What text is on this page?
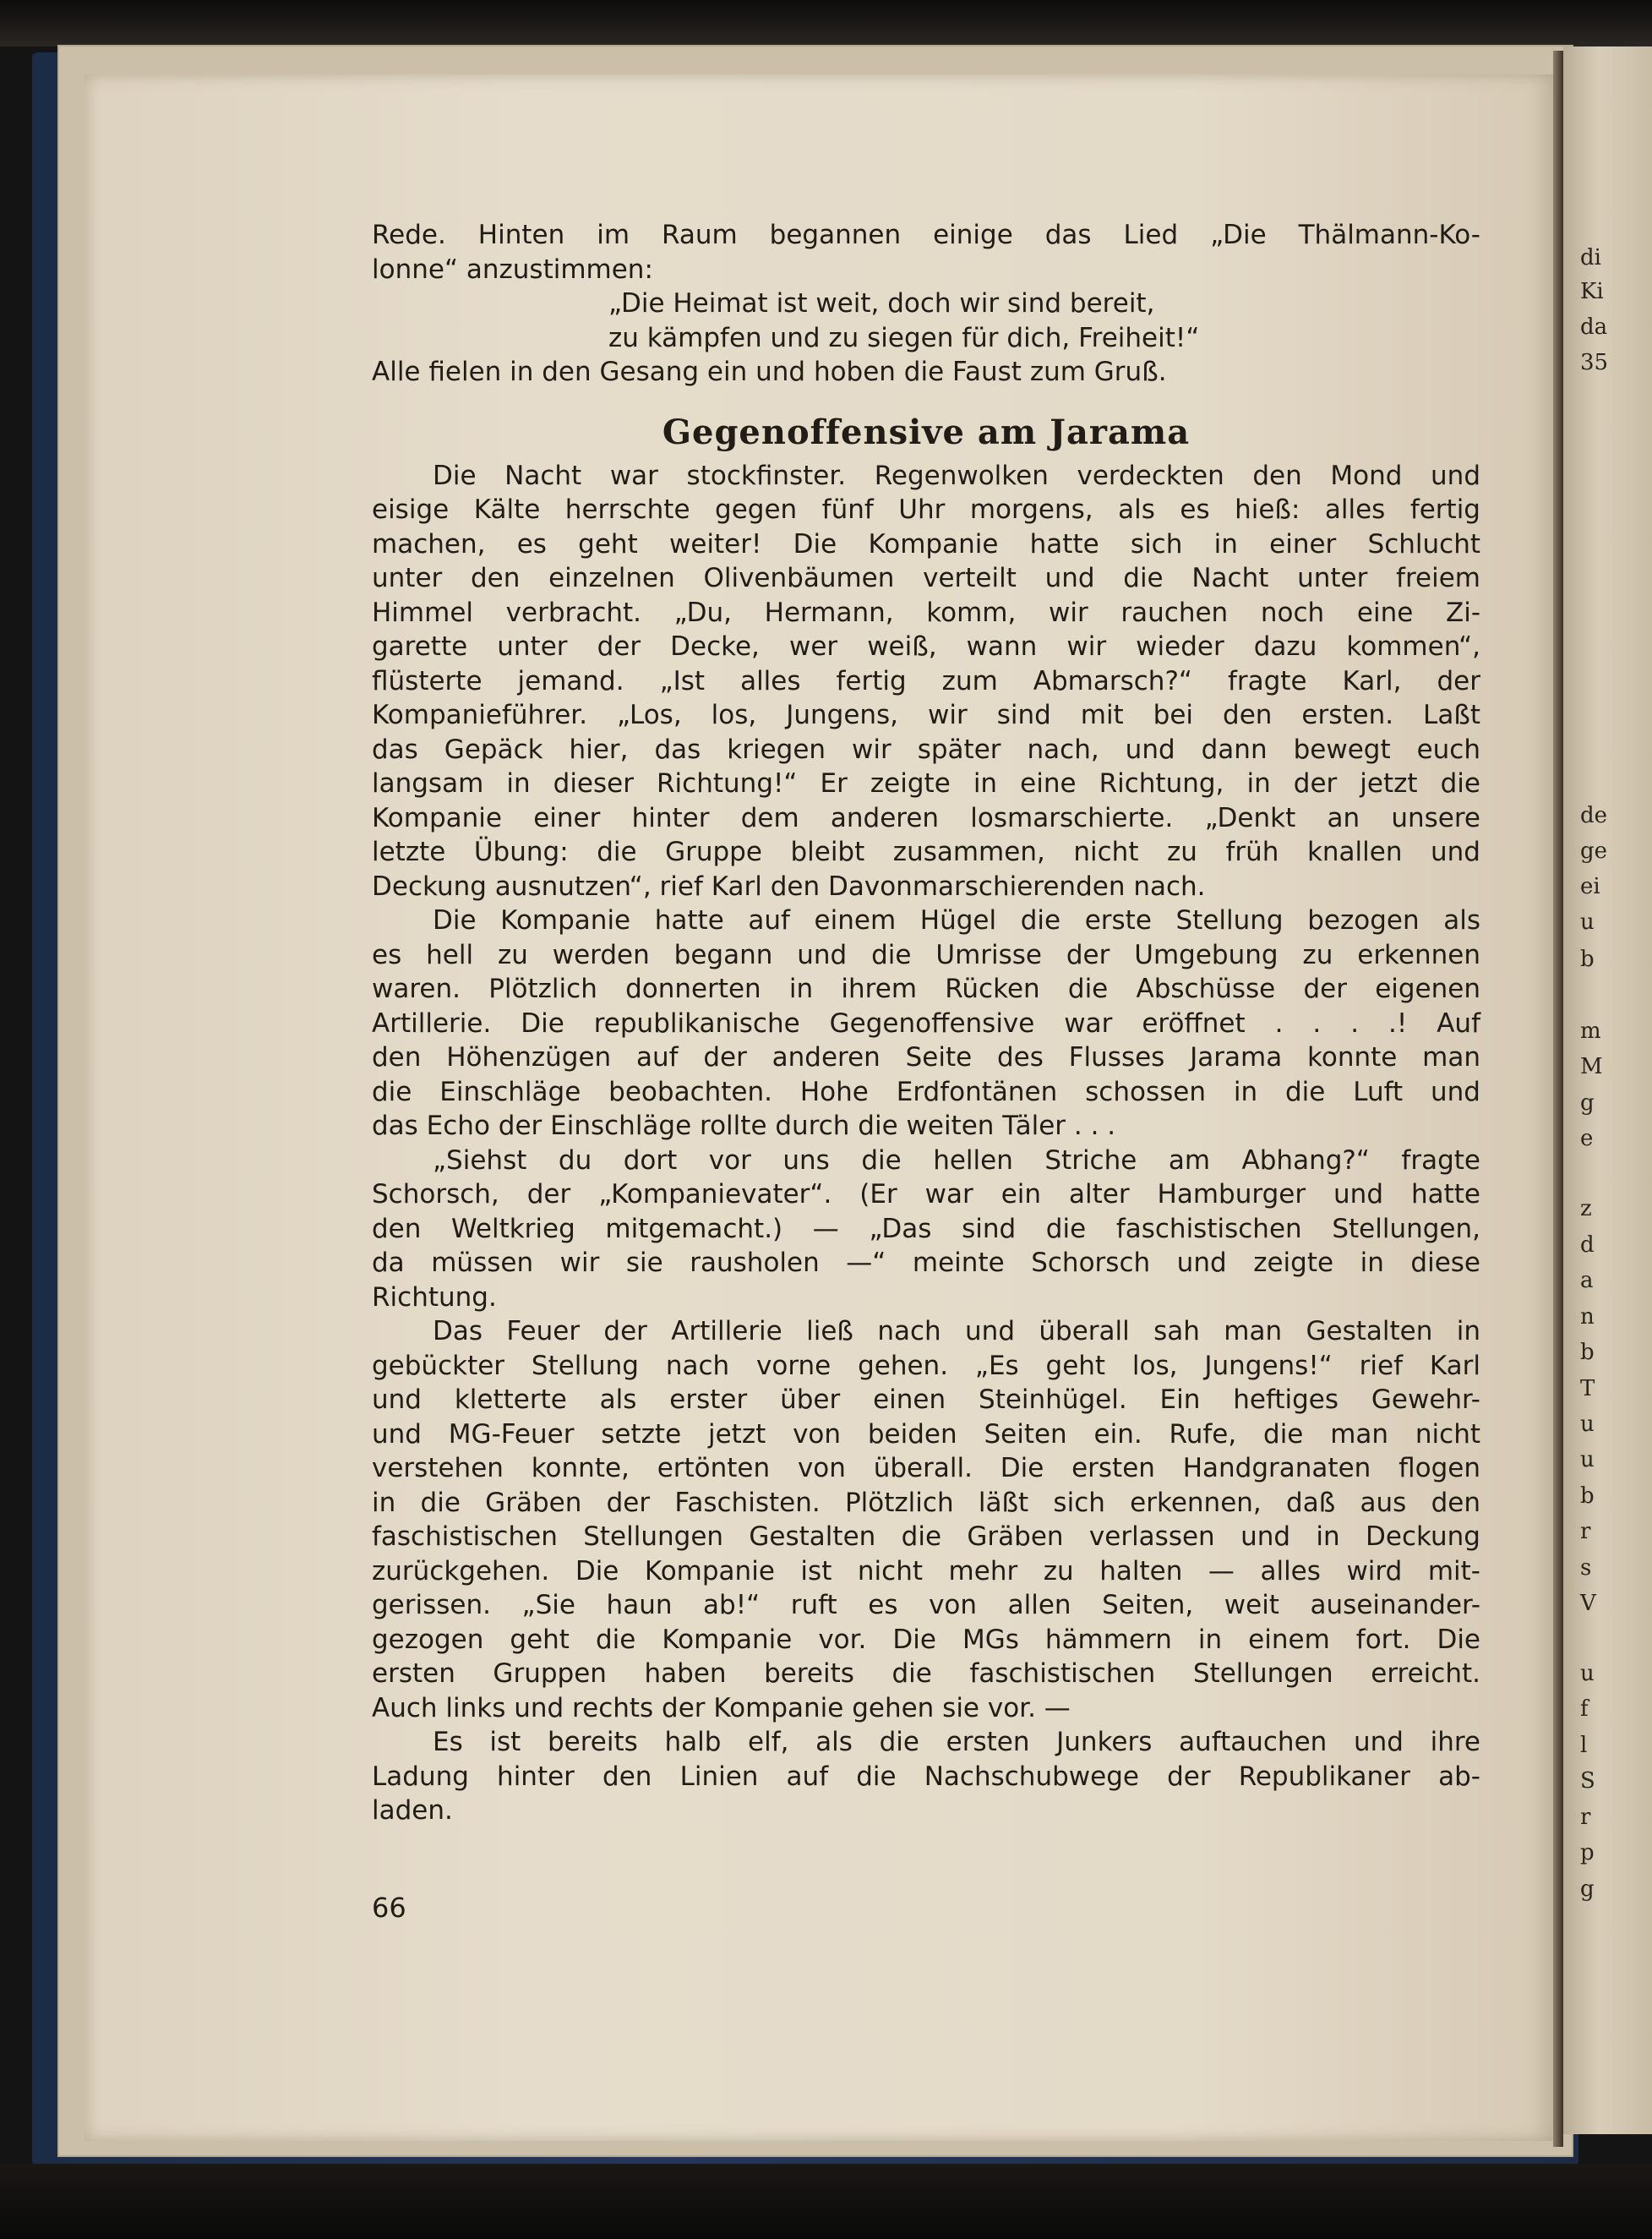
di
Ki
da
35
de
ge
ei
u
b
m
M
g
e
z
d
a
n
b
T
u
u
b
r
s
V
u
f
l
S
r
p
g
Rede. Hinten im Raum begannen einige das Lied „Die Thälmann-Ko-
lonne“ anzustimmen:
„Die Heimat ist weit, doch wir sind bereit,
zu kämpfen und zu siegen für dich, Freiheit!“
Alle fielen in den Gesang ein und hoben die Faust zum Gruß.
Gegenoffensive am Jarama
Die Nacht war stockfinster. Regenwolken verdeckten den Mond und
eisige Kälte herrschte gegen fünf Uhr morgens, als es hieß: alles fertig
machen, es geht weiter! Die Kompanie hatte sich in einer Schlucht
unter den einzelnen Olivenbäumen verteilt und die Nacht unter freiem
Himmel verbracht. „Du, Hermann, komm, wir rauchen noch eine Zi-
garette unter der Decke, wer weiß, wann wir wieder dazu kommen“,
flüsterte jemand. „Ist alles fertig zum Abmarsch?“ fragte Karl, der
Kompanieführer. „Los, los, Jungens, wir sind mit bei den ersten. Laßt
das Gepäck hier, das kriegen wir später nach, und dann bewegt euch
langsam in dieser Richtung!“ Er zeigte in eine Richtung, in der jetzt die
Kompanie einer hinter dem anderen losmarschierte. „Denkt an unsere
letzte Übung: die Gruppe bleibt zusammen, nicht zu früh knallen und
Deckung ausnutzen“, rief Karl den Davonmarschierenden nach.
Die Kompanie hatte auf einem Hügel die erste Stellung bezogen als
es hell zu werden begann und die Umrisse der Umgebung zu erkennen
waren. Plötzlich donnerten in ihrem Rücken die Abschüsse der eigenen
Artillerie. Die republikanische Gegenoffensive war eröffnet . . . .! Auf
den Höhenzügen auf der anderen Seite des Flusses Jarama konnte man
die Einschläge beobachten. Hohe Erdfontänen schossen in die Luft und
das Echo der Einschläge rollte durch die weiten Täler . . .
„Siehst du dort vor uns die hellen Striche am Abhang?“ fragte
Schorsch, der „Kompanievater“. (Er war ein alter Hamburger und hatte
den Weltkrieg mitgemacht.) — „Das sind die faschistischen Stellungen,
da müssen wir sie rausholen —“ meinte Schorsch und zeigte in diese
Richtung.
Das Feuer der Artillerie ließ nach und überall sah man Gestalten in
gebückter Stellung nach vorne gehen. „Es geht los, Jungens!“ rief Karl
und kletterte als erster über einen Steinhügel. Ein heftiges Gewehr-
und MG-Feuer setzte jetzt von beiden Seiten ein. Rufe, die man nicht
verstehen konnte, ertönten von überall. Die ersten Handgranaten flogen
in die Gräben der Faschisten. Plötzlich läßt sich erkennen, daß aus den
faschistischen Stellungen Gestalten die Gräben verlassen und in Deckung
zurückgehen. Die Kompanie ist nicht mehr zu halten — alles wird mit-
gerissen. „Sie haun ab!“ ruft es von allen Seiten, weit auseinander-
gezogen geht die Kompanie vor. Die MGs hämmern in einem fort. Die
ersten Gruppen haben bereits die faschistischen Stellungen erreicht.
Auch links und rechts der Kompanie gehen sie vor. —
Es ist bereits halb elf, als die ersten Junkers auftauchen und ihre
Ladung hinter den Linien auf die Nachschubwege der Republikaner ab-
laden.
66
